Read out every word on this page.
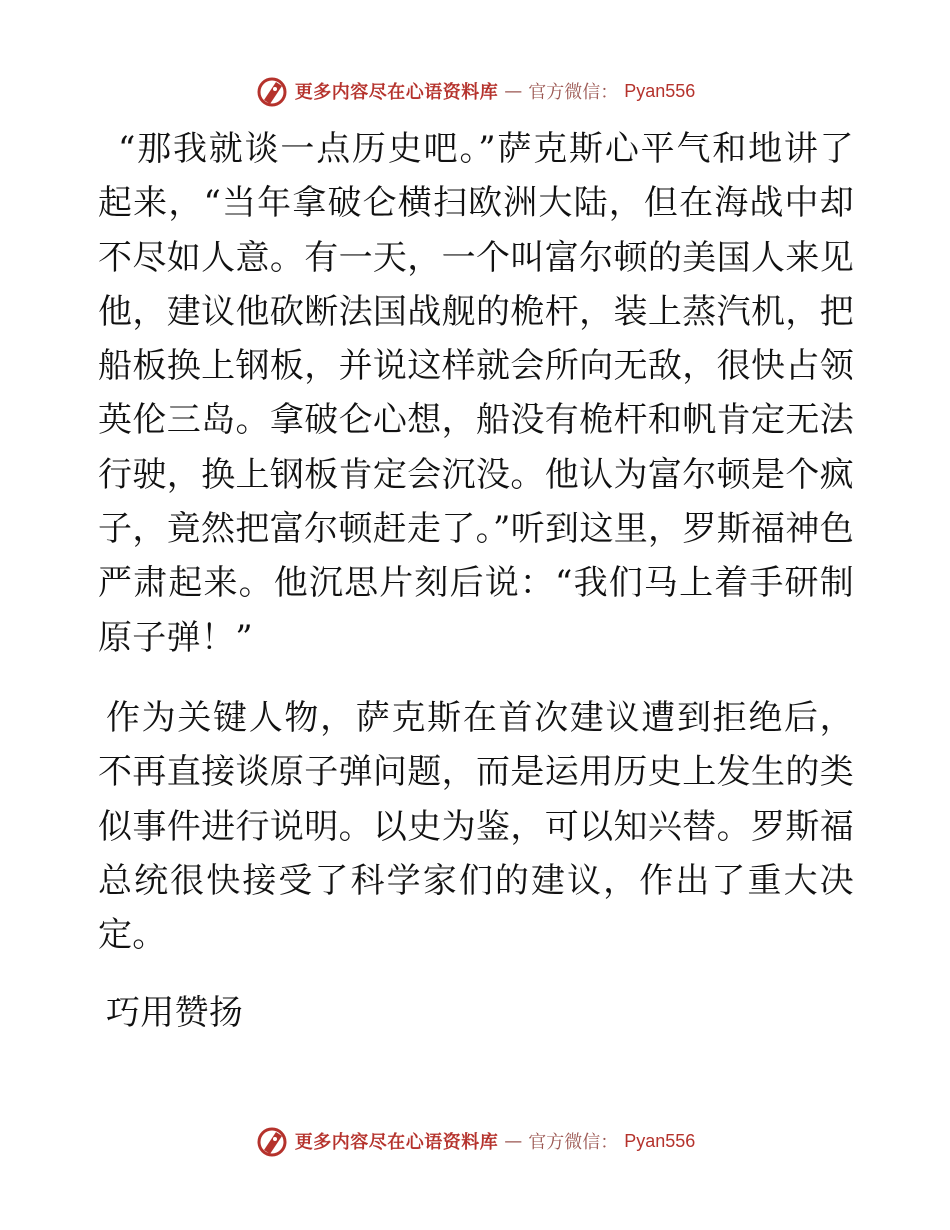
更多内容尽在心语资料库 — 官方微信： Pyan556

“那我就谈一点历史吧。”萨克斯心平气和地讲了起来，“当年拿破仑横扫欧洲大陆，但在海战中却不尽如人意。有一天，一个叫富尔顿的美国人来见他，建议他砍断法国战舰的桅杆，装上蒸汽机，把船板换上钢板，并说这样就会所向无敌，很快占领英伦三岛。拿破仑心想，船没有桅杆和帆肯定无法行驶，换上钢板肯定会沉没。他认为富尔顿是个疯子，竟然把富尔顿赶走了。”听到这里，罗斯福神色严肃起来。他沉思片刻后说：“我们马上着手研制原子弹！”

作为关键人物，萨克斯在首次建议遭到拒绝后，不再直接谈原子弹问题，而是运用历史上发生的类似事件进行说明。以史为鉴，可以知兴替。罗斯福总统很快接受了科学家们的建议，作出了重大决定。

巧用赞扬

更多内容尽在心语资料库 — 官方微信： Pyan556
